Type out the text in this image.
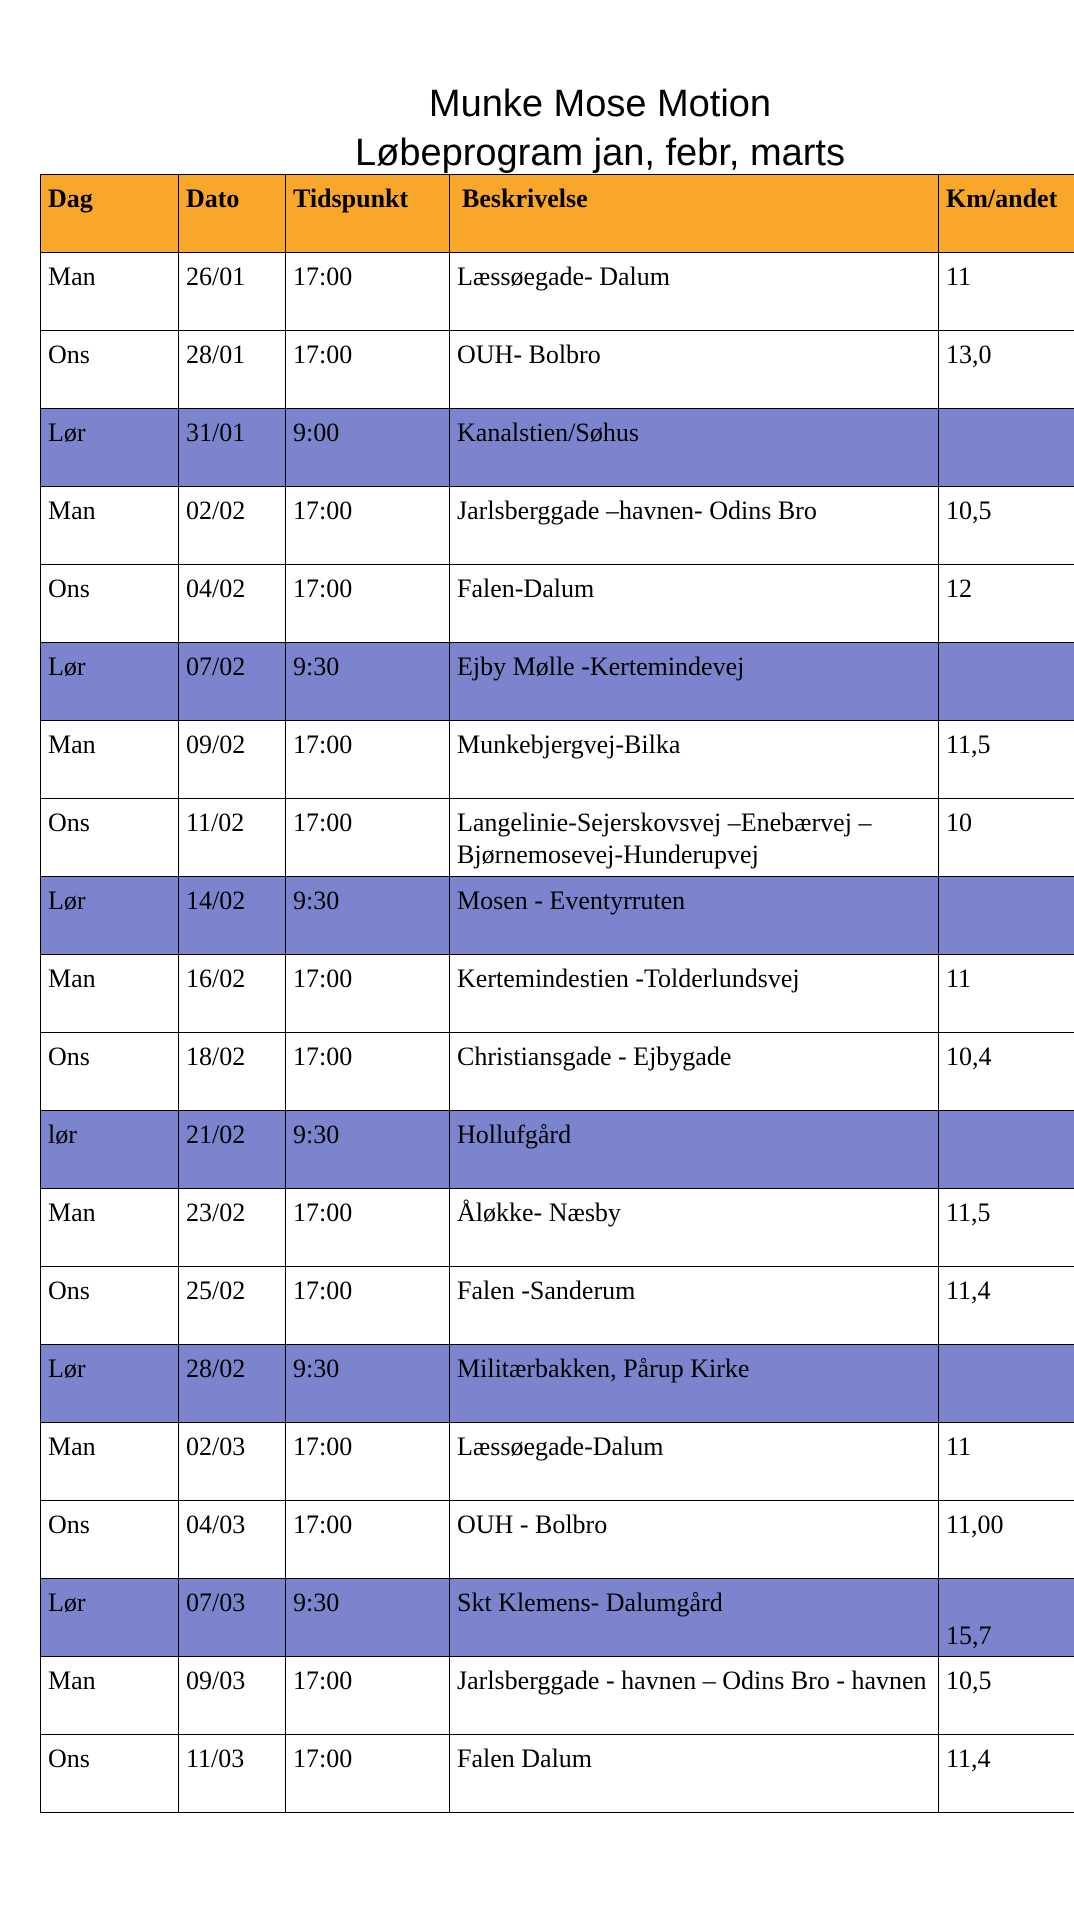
Munke Mose Motion
Løbeprogram jan, febr, marts
Dag	Dato	Tidspunkt	Beskrivelse	Km/andet
Man	26/01	17:00	Læssøegade- Dalum	11
Ons	28/01	17:00	OUH- Bolbro	13,0
Lør	31/01	9:00	Kanalstien/Søhus	
Man	02/02	17:00	Jarlsberggade –havnen- Odins Bro	10,5
Ons	04/02	17:00	Falen-Dalum	12
Lør	07/02	9:30	Ejby Mølle -Kertemindevej	
Man	09/02	17:00	Munkebjergvej-Bilka	11,5
Ons	11/02	17:00	Langelinie-Sejerskovsvej –Enebærvej –Bjørnemosevej-Hunderupvej	10
Lør	14/02	9:30	Mosen - Eventyrruten	
Man	16/02	17:00	Kertemindestien -Tolderlundsvej	11
Ons	18/02	17:00	Christiansgade - Ejbygade	10,4
lør	21/02	9:30	Hollufgård	
Man	23/02	17:00	Åløkke- Næsby	11,5
Ons	25/02	17:00	Falen -Sanderum	11,4
Lør	28/02	9:30	Militærbakken, Pårup Kirke	
Man	02/03	17:00	Læssøegade-Dalum	11
Ons	04/03	17:00	OUH - Bolbro	11,00
Lør	07/03	9:30	Skt Klemens- Dalumgård	15,7
Man	09/03	17:00	Jarlsberggade - havnen – Odins Bro - havnen	10,5
Ons	11/03	17:00	Falen Dalum	11,4
